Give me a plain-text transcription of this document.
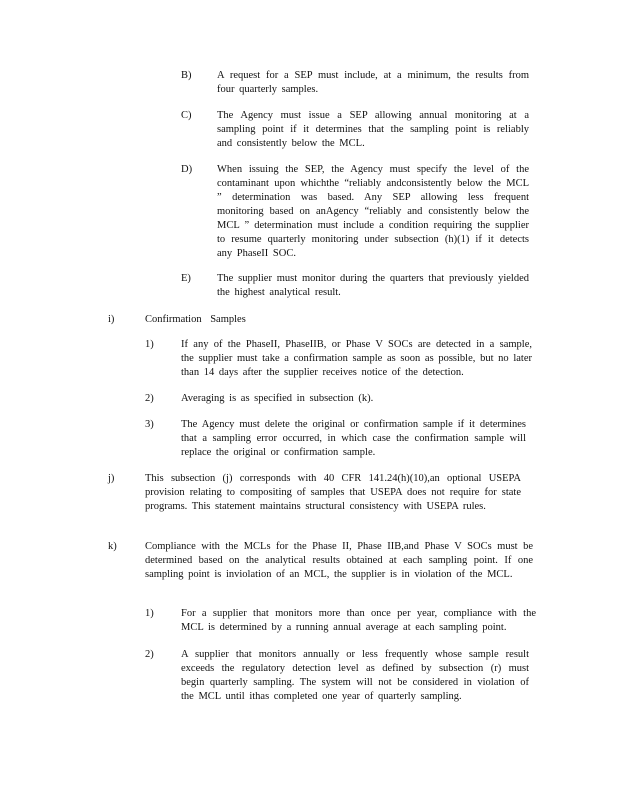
B) A request for a SEP must include, at a minimum, the results from four quarterly samples.
C) The Agency must issue a SEP allowing annual monitoring at a sampling point if it determines that the sampling point is reliably and consistently below the MCL.
D) When issuing the SEP, the Agency must specify the level of the contaminant upon whichthe “reliably andconsistently below the MCL ” determination was based. Any SEP allowing less frequent monitoring based on anAgency “reliably and consistently below the MCL ” determination must include a condition requiring the supplier to resume quarterly monitoring under subsection (h)(1) if it detects any PhaseII SOC.
E) The supplier must monitor during the quarters that previously yielded the highest analytical result.
i)	Confirmation Samples
1)	If any of the PhaseII, PhaseIIB, or Phase V SOCs are detected in a sample, the supplier must take a confirmation sample as soon as possible, but no later than 14 days after the supplier receives notice of the detection.
2)	Averaging is as specified in subsection (k).
3)	The Agency must delete the original or confirmation sample if it determines that a sampling error occurred, in which case the confirmation sample will replace the original or confirmation sample.
j)	This subsection (j) corresponds with 40 CFR 141.24(h)(10),an optional USEPA provision relating to compositing of samples that USEPA does not require for state programs. This statement maintains structural consistency with USEPA rules.
k)	Compliance with the MCLs for the Phase II, Phase IIB,and Phase V SOCs must be determined based on the analytical results obtained at each sampling point. If one sampling point is inviolation of an MCL, the supplier is in violation of the MCL.
1)	For a supplier that monitors more than once per year, compliance with the MCL is determined by a running annual average at each sampling point.
2)	A supplier that monitors annually or less frequently whose sample result exceeds the regulatory detection level as defined by subsection (r) must begin quarterly sampling. The system will not be considered in violation of the MCL until ithas completed one year of quarterly sampling.
